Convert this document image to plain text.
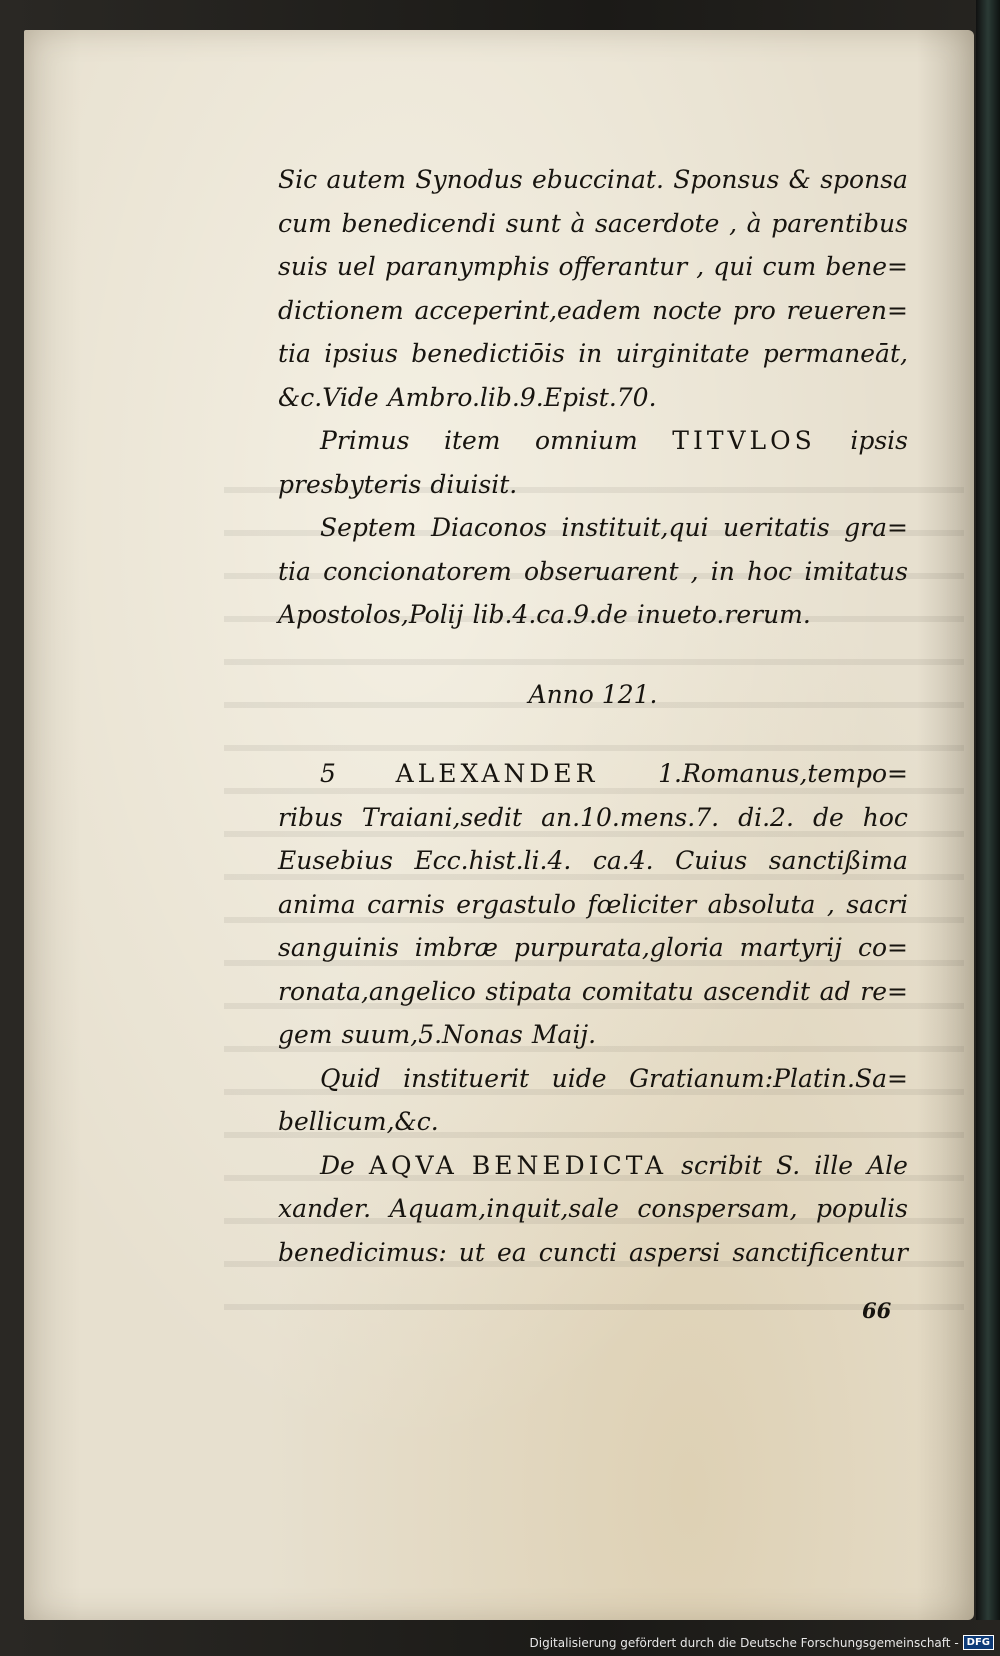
Sic autem Synodus ebuccinat. Sponsus & sponsa
cum benedicendi sunt à sacerdote , à parentibus
suis uel paranymphis offerantur , qui cum bene=
dictionem acceperint,eadem nocte pro reueren=
tia ipsius benedictiōis in uirginitate permaneāt,
&c.Vide Ambro.lib.9.Epist.70.
Primus item omnium TITVLOS ipsis
presbyteris diuisit.
Septem Diaconos instituit,qui ueritatis gra=
tia concionatorem obseruarent , in hoc imitatus
Apostolos,Polij lib.4.ca.9.de inueto.rerum.
Anno 121.
5 ALEXANDER 1.Romanus,tempo=
ribus Traiani,sedit an.10.mens.7. di.2. de hoc
Eusebius Ecc.hist.li.4. ca.4. Cuius sanctißima
anima carnis ergastulo fœliciter absoluta , sacri
sanguinis imbræ purpurata,gloria martyrij co=
ronata,angelico stipata comitatu ascendit ad re=
gem suum,5.Nonas Maij.
Quid instituerit uide Gratianum:Platin.Sa=
bellicum,&c.
De AQVA BENEDICTA scribit S. ille Ale
xander. Aquam,inquit,sale conspersam, populis
benedicimus: ut ea cuncti aspersi sanctificentur
66
Digitalisierung gefördert durch die Deutsche Forschungsgemeinschaft - DFG
